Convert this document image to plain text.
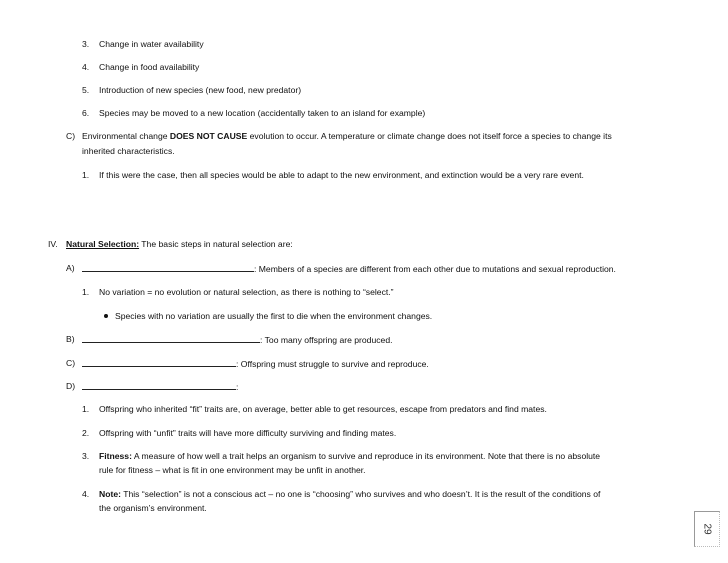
3. Change in water availability
4. Change in food availability
5. Introduction of new species (new food, new predator)
6. Species may be moved to a new location (accidentally taken to an island for example)
C) Environmental change DOES NOT CAUSE evolution to occur. A temperature or climate change does not itself force a species to change its
inherited characteristics.
1. If this were the case, then all species would be able to adapt to the new environment, and extinction would be a very rare event.
IV. Natural Selection: The basic steps in natural selection are:
A)	: Members of a species are different from each other due to mutations and sexual reproduction.
1. No variation = no evolution or natural selection, as there is nothing to “select.”
Species with no variation are usually the first to die when the environment changes.
B)	: Too many offspring are produced.
C)	: Offspring must struggle to survive and reproduce.
D)	:
1. Offspring who inherited “fit” traits are, on average, better able to get resources, escape from predators and find mates.
2. Offspring with “unfit” traits will have more difficulty surviving and finding mates.
3. Fitness: A measure of how well a trait helps an organism to survive and reproduce in its environment. Note that there is no absolute
rule for fitness – what is fit in one environment may be unfit in another.
4. Note: This “selection” is not a conscious act – no one is “choosing” who survives and who doesn’t. It is the result of the conditions of
the organism’s environment.
29
